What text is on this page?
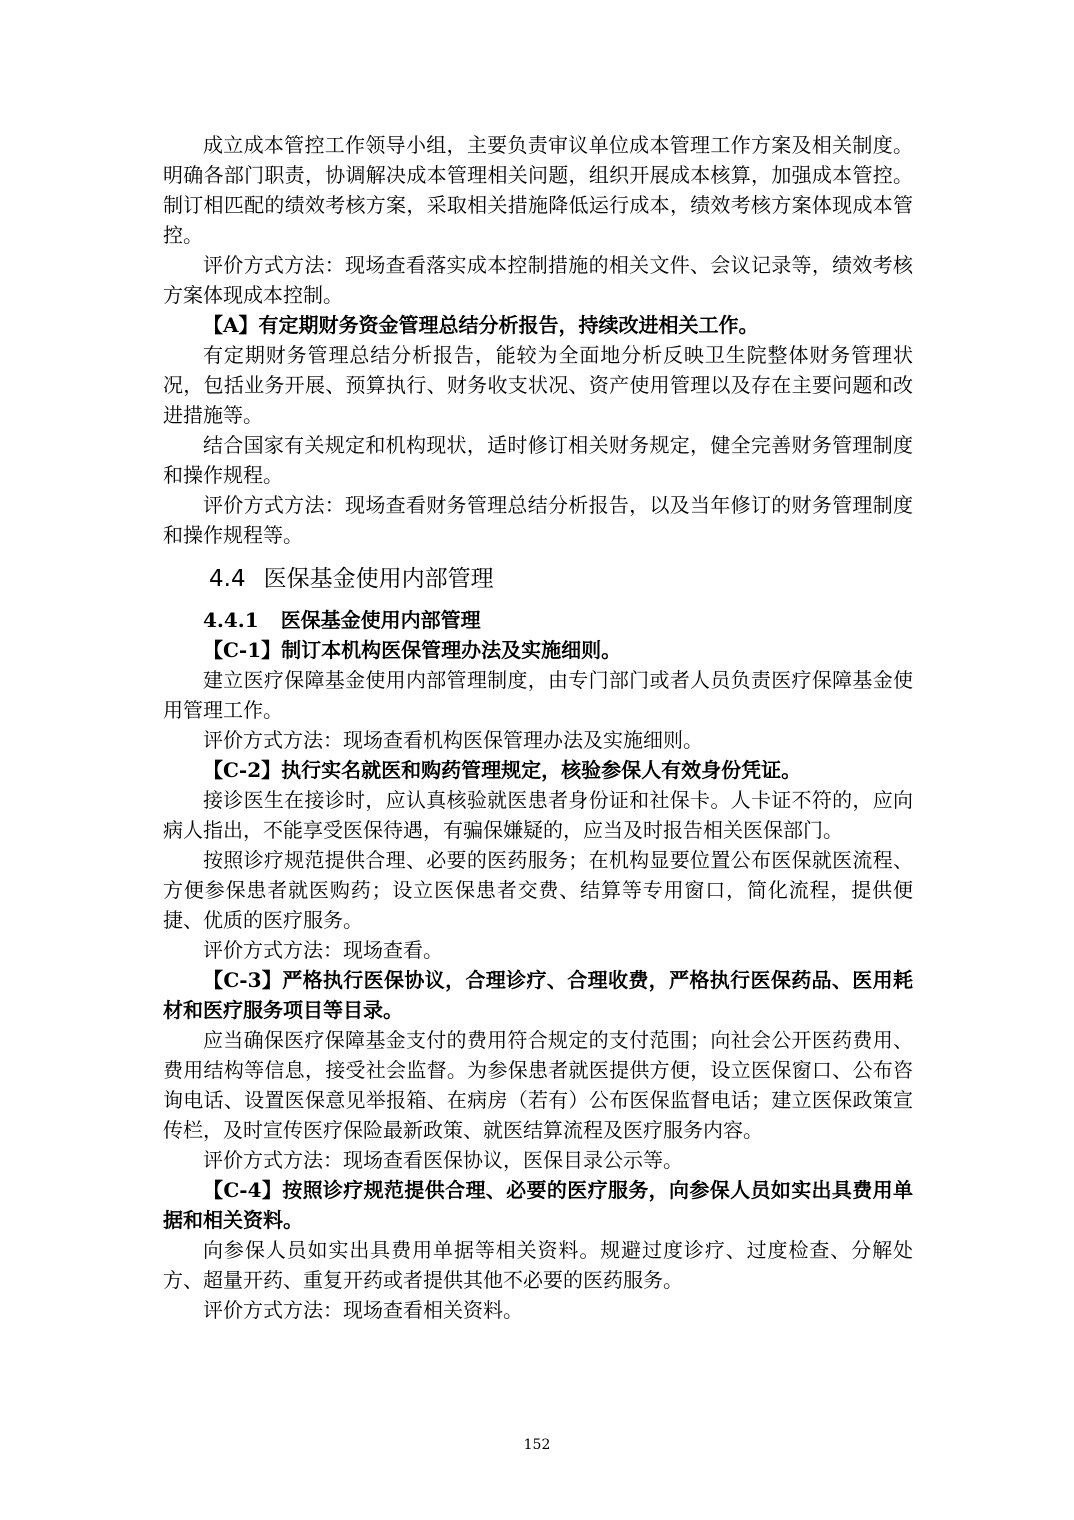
成立成本管控工作领导小组，主要负责审议单位成本管理工作方案及相关制度。明确各部门职责，协调解决成本管理相关问题，组织开展成本核算，加强成本管控。制订相匹配的绩效考核方案，采取相关措施降低运行成本，绩效考核方案体现成本管控。

评价方式方法：现场查看落实成本控制措施的相关文件、会议记录等，绩效考核方案体现成本控制。

【A】有定期财务资金管理总结分析报告，持续改进相关工作。

有定期财务管理总结分析报告，能较为全面地分析反映卫生院整体财务管理状况，包括业务开展、预算执行、财务收支状况、资产使用管理以及存在主要问题和改进措施等。

结合国家有关规定和机构现状，适时修订相关财务规定，健全完善财务管理制度和操作规程。

评价方式方法：现场查看财务管理总结分析报告，以及当年修订的财务管理制度和操作规程等。

4.4 医保基金使用内部管理
4.4.1 医保基金使用内部管理

【C-1】制订本机构医保管理办法及实施细则。

建立医疗保障基金使用内部管理制度，由专门部门或者人员负责医疗保障基金使用管理工作。

评价方式方法：现场查看机构医保管理办法及实施细则。

【C-2】执行实名就医和购药管理规定，核验参保人有效身份凭证。

接诊医生在接诊时，应认真核验就医患者身份证和社保卡。人卡证不符的，应向病人指出，不能享受医保待遇，有骗保嫌疑的，应当及时报告相关医保部门。

按照诊疗规范提供合理、必要的医药服务；在机构显要位置公布医保就医流程、方便参保患者就医购药；设立医保患者交费、结算等专用窗口，简化流程，提供便捷、优质的医疗服务。

评价方式方法：现场查看。

【C-3】严格执行医保协议，合理诊疗、合理收费，严格执行医保药品、医用耗材和医疗服务项目等目录。

应当确保医疗保障基金支付的费用符合规定的支付范围；向社会公开医药费用、费用结构等信息，接受社会监督。为参保患者就医提供方便，设立医保窗口、公布咨询电话、设置医保意见举报箱、在病房（若有）公布医保监督电话；建立医保政策宣传栏，及时宣传医疗保险最新政策、就医结算流程及医疗服务内容。

评价方式方法：现场查看医保协议，医保目录公示等。

【C-4】按照诊疗规范提供合理、必要的医疗服务，向参保人员如实出具费用单据和相关资料。

向参保人员如实出具费用单据等相关资料。规避过度诊疗、过度检查、分解处方、超量开药、重复开药或者提供其他不必要的医药服务。

评价方式方法：现场查看相关资料。

152
